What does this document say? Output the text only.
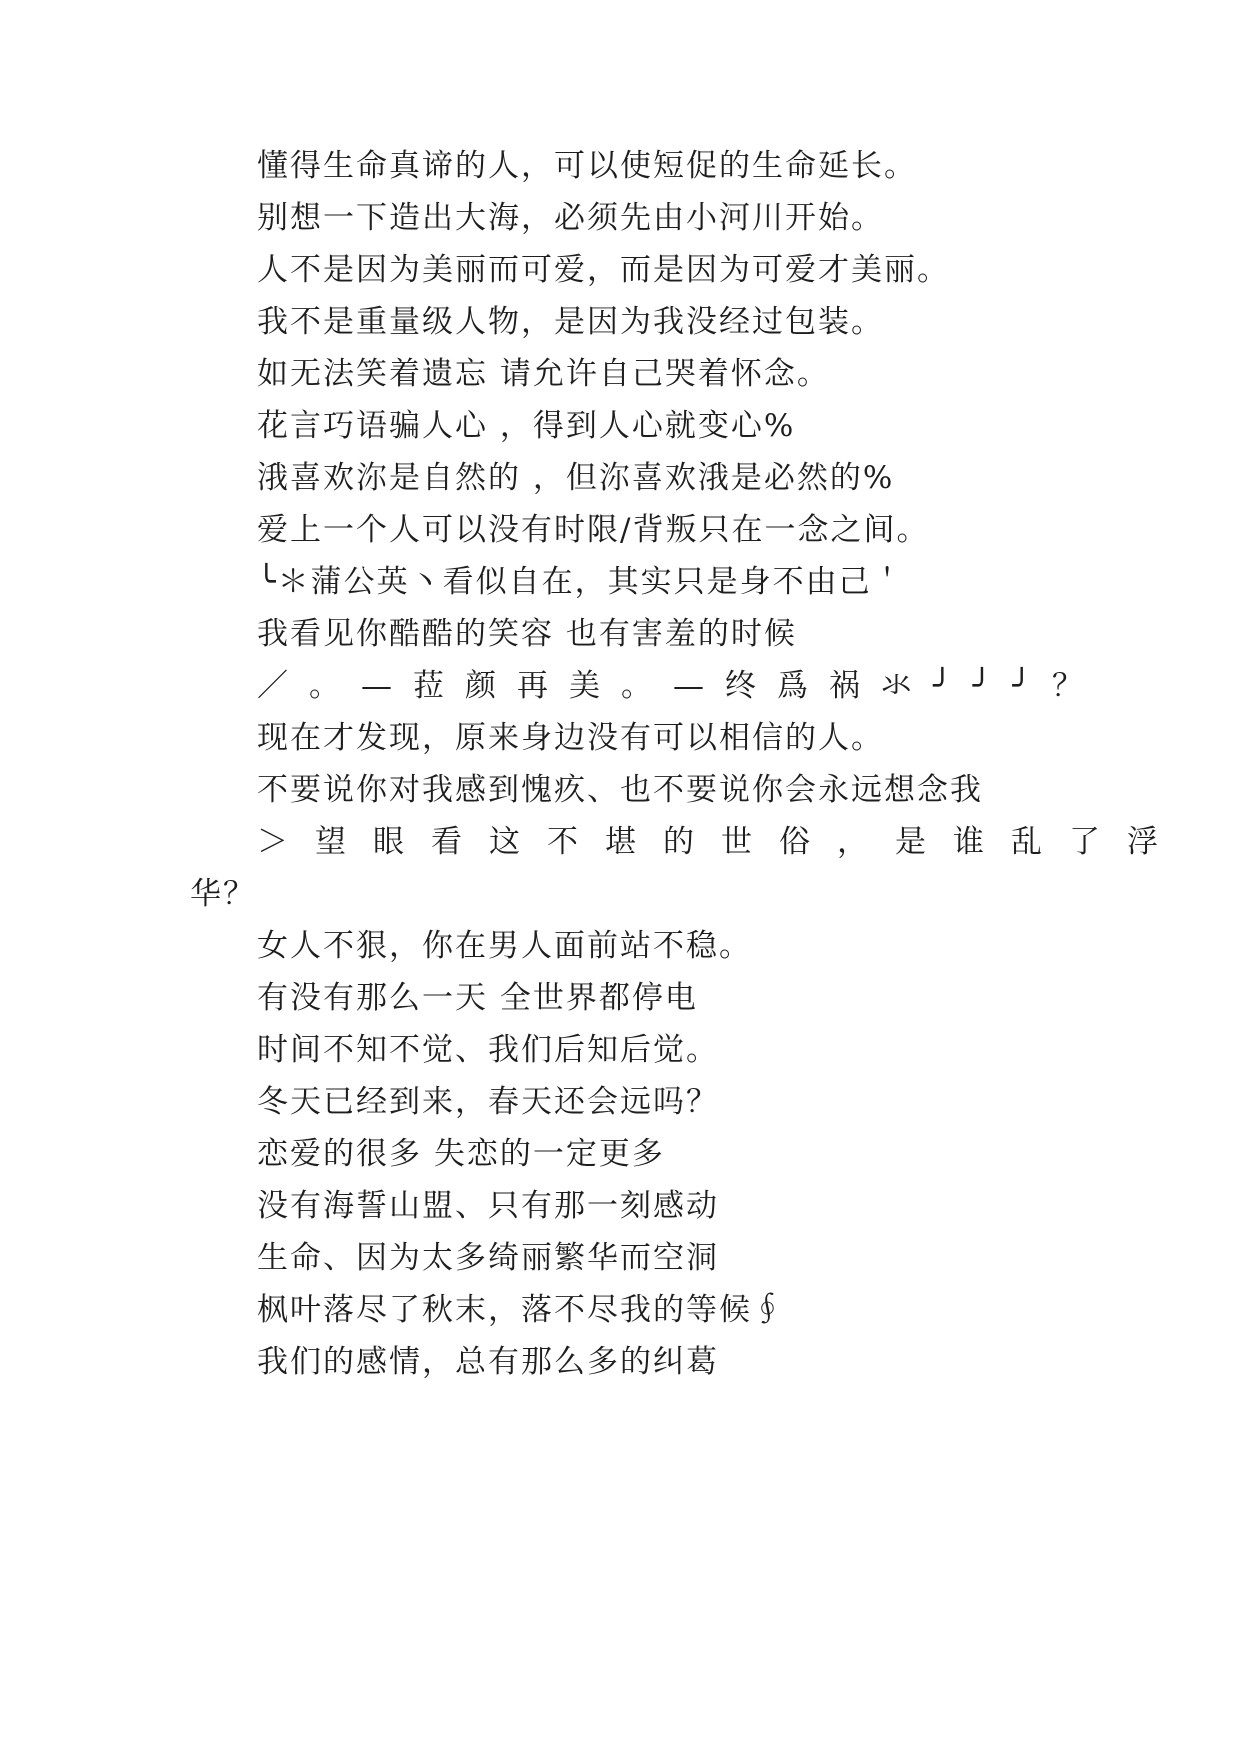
懂得生命真谛的人，可以使短促的生命延长。
别想一下造出大海，必须先由小河川开始。
人不是因为美丽而可爱，而是因为可爱才美丽。
我不是重量级人物，是因为我没经过包装。
如无法笑着遗忘 请允许自己哭着怀念。
花言巧语骗人心 ，得到人心就变心%
涐喜欢沵是自然的 ，但沵喜欢涐是必然的%
爱上一个人可以没有时限/背叛只在一念之间。
╰＊蒲公英丶看似自在，其实只是身不由己＇
我看见你酷酷的笑容 也有害羞的时候
／。—菈颜再美。—终爲祸氺╯╯╯？
现在才发现，原来身边没有可以相信的人。
不要说你对我感到愧疚、也不要说你会永远想念我
＞望眼看这不堪的世俗，是谁乱了浮
华？
女人不狠，你在男人面前站不稳。
有没有那么一天 全世界都停电
时间不知不觉、我们后知后觉。
冬天已经到来，春天还会远吗？
恋爱的很多 失恋的一定更多
没有海誓山盟、只有那一刻感动
生命、因为太多绮丽繁华而空洞
枫叶落尽了秋末，落不尽我的等候∮
我们的感情，总有那么多的纠葛
